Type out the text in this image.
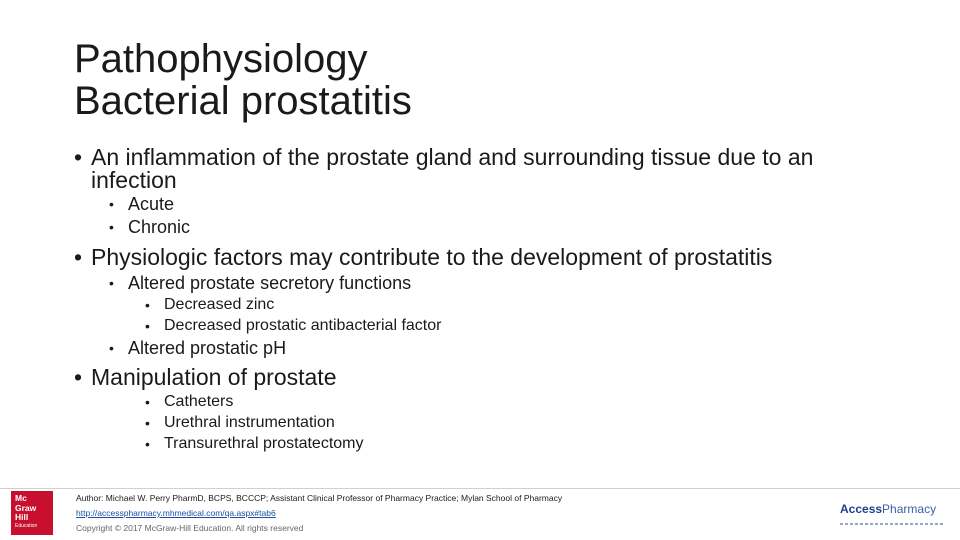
Pathophysiology
Bacterial prostatitis
• An inflammation of the prostate gland and surrounding tissue due to an infection
• Acute
• Chronic
• Physiologic factors may contribute to the development of prostatitis
• Altered prostate secretory functions
• Decreased zinc
• Decreased prostatic antibacterial factor
• Altered prostatic pH
• Manipulation of prostate
• Catheters
• Urethral instrumentation
• Transurethral prostatectomy
Mc
Graw
Hill
Education
Author: Michael W. Perry PharmD, BCPS, BCCCP; Assistant Clinical Professor of Pharmacy Practice; Mylan School of Pharmacy
http://accesspharmacy.mhmedical.com/qa.aspx#tab6
Copyright © 2017 McGraw-Hill Education. All rights reserved
AccessPharmacy
